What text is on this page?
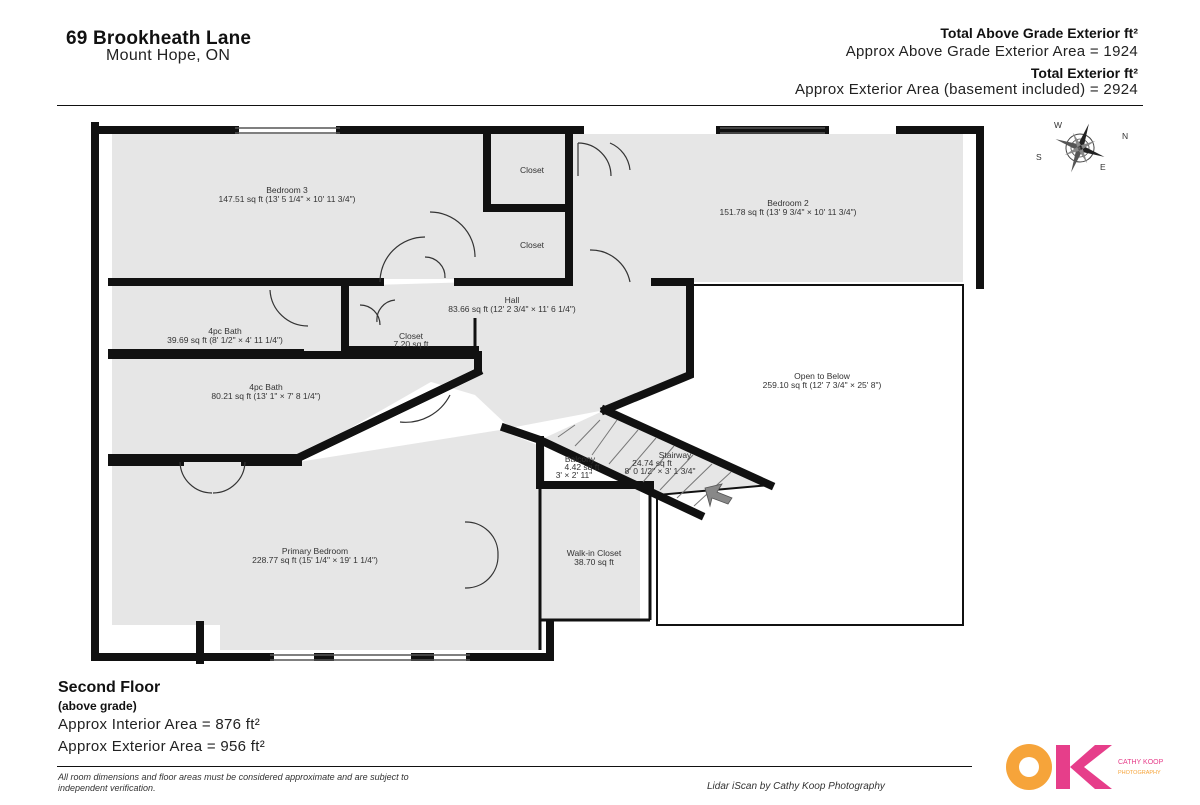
69 Brookheath Lane
Mount Hope, ON
Total Above Grade Exterior ft²
Approx Above Grade Exterior Area = 1924
Total Exterior ft²
Approx Exterior Area (basement included) = 2924
Bedroom 3
147.51 sq ft (13' 5 1/4" × 10' 11 3/4")
Closet
Closet
Bedroom 2
151.78 sq ft (13' 9 3/4" × 10' 11 3/4")
Hall
83.66 sq ft (12' 2 3/4" × 11' 6 1/4")
4pc Bath
39.69 sq ft (8' 1/2" × 4' 11 1/4")	Closet
7.20 sq ft
4pc Bath
80.21 sq ft (13' 1" × 7' 8 1/4")
Open to Below
259.10 sq ft (12' 7 3/4" × 25' 8")
Balcony
4.42 sq ft
3' × 2' 11"
Stairway
24.74 sq ft
8' 0 1/2" × 3' 1 3/4"
Primary Bedroom
228.77 sq ft (15' 1/4" × 19' 1 1/4")
Walk-in Closet
38.70 sq ft
W
N
S
E
Second Floor
(above grade)
Approx Interior Area = 876 ft²
Approx Exterior Area = 956 ft²
All room dimensions and floor areas must be considered approximate and are subject to independent verification.	Lidar iScan by Cathy Koop Photography
CATHY KOOP
PHOTOGRAPHY
